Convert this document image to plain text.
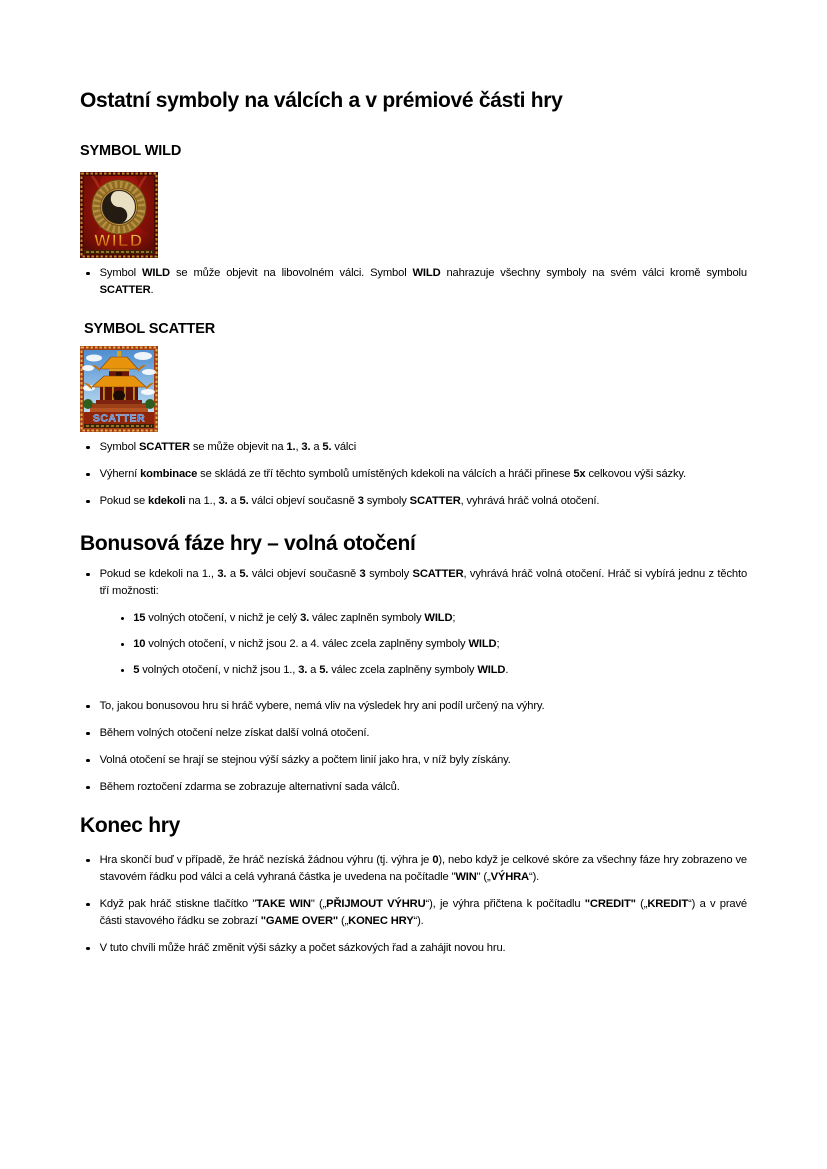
Ostatní symboly na válcích a v prémiové části hry
SYMBOL WILD
WILD
Symbol WILD se může objevit na libovolném válci. Symbol WILD nahrazuje všechny symboly na svém válci kromě symbolu SCATTER.
SYMBOL SCATTER
SCATTER
Symbol SCATTER se může objevit na 1., 3. a 5. válci
Výherní kombinace se skládá ze tří těchto symbolů umístěných kdekoli na válcích a hráči přinese 5x celkovou výši sázky.
Pokud se kdekoli na 1., 3. a 5. válci objeví současně 3 symboly SCATTER, vyhrává hráč volná otočení.
Bonusová fáze hry – volná otočení
Pokud se kdekoli na 1., 3. a 5. válci objeví současně 3 symboly SCATTER, vyhrává hráč volná otočení. Hráč si vybírá jednu z těchto tří možnosti:
15 volných otočení, v nichž je celý 3. válec zaplněn symboly WILD;
10 volných otočení, v nichž jsou 2. a 4. válec zcela zaplněny symboly WILD;
5 volných otočení, v nichž jsou 1., 3. a 5. válec zcela zaplněny symboly WILD.
To, jakou bonusovou hru si hráč vybere, nemá vliv na výsledek hry ani podíl určený na výhry.
Během volných otočení nelze získat další volná otočení.
Volná otočení se hrají se stejnou výší sázky a počtem linií jako hra, v níž byly získány.
Během roztočení zdarma se zobrazuje alternativní sada válců.
Konec hry
Hra skončí buď v případě, že hráč nezíská žádnou výhru (tj. výhra je 0), nebo když je celkové skóre za všechny fáze hry zobrazeno ve stavovém řádku pod válci a celá vyhraná částka je uvedena na počítadle "WIN" („VÝHRA“).
Když pak hráč stiskne tlačítko "TAKE WIN" („PŘIJMOUT VÝHRU“), je výhra přičtena k počítadlu "CREDIT" („KREDIT“) a v pravé části stavového řádku se zobrazí "GAME OVER" („KONEC HRY“).
V tuto chvíli může hráč změnit výši sázky a počet sázkových řad a zahájit novou hru.
